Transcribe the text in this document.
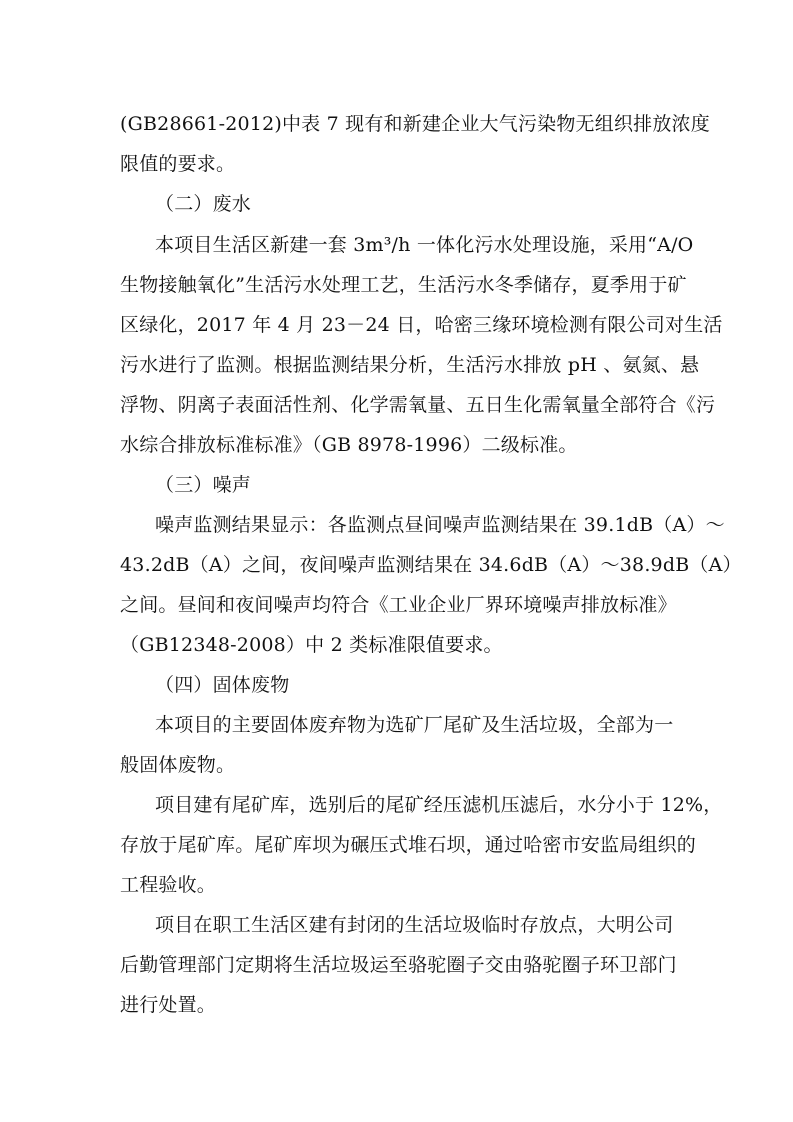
(GB28661-2012)中表 7 现有和新建企业大气污染物无组织排放浓度
限值的要求。
（二）废水
本项目生活区新建一套 3m³/h 一体化污水处理设施，采用“A/O
生物接触氧化”生活污水处理工艺，生活污水冬季储存，夏季用于矿
区绿化，2017 年 4 月 23－24 日，哈密三缘环境检测有限公司对生活
污水进行了监测。根据监测结果分析，生活污水排放 pH 、氨氮、悬
浮物、阴离子表面活性剂、化学需氧量、五日生化需氧量全部符合《污
水综合排放标准标准》（GB 8978-1996）二级标准。
（三）噪声
噪声监测结果显示：各监测点昼间噪声监测结果在 39.1dB（A）～
43.2dB（A）之间，夜间噪声监测结果在 34.6dB（A）～38.9dB（A）
之间。昼间和夜间噪声均符合《工业企业厂界环境噪声排放标准》
（GB12348-2008）中 2 类标准限值要求。
（四）固体废物
本项目的主要固体废弃物为选矿厂尾矿及生活垃圾，全部为一
般固体废物。
项目建有尾矿库，选别后的尾矿经压滤机压滤后，水分小于 12%，
存放于尾矿库。尾矿库坝为碾压式堆石坝，通过哈密市安监局组织的
工程验收。
项目在职工生活区建有封闭的生活垃圾临时存放点，大明公司
后勤管理部门定期将生活垃圾运至骆驼圈子交由骆驼圈子环卫部门
进行处置。
